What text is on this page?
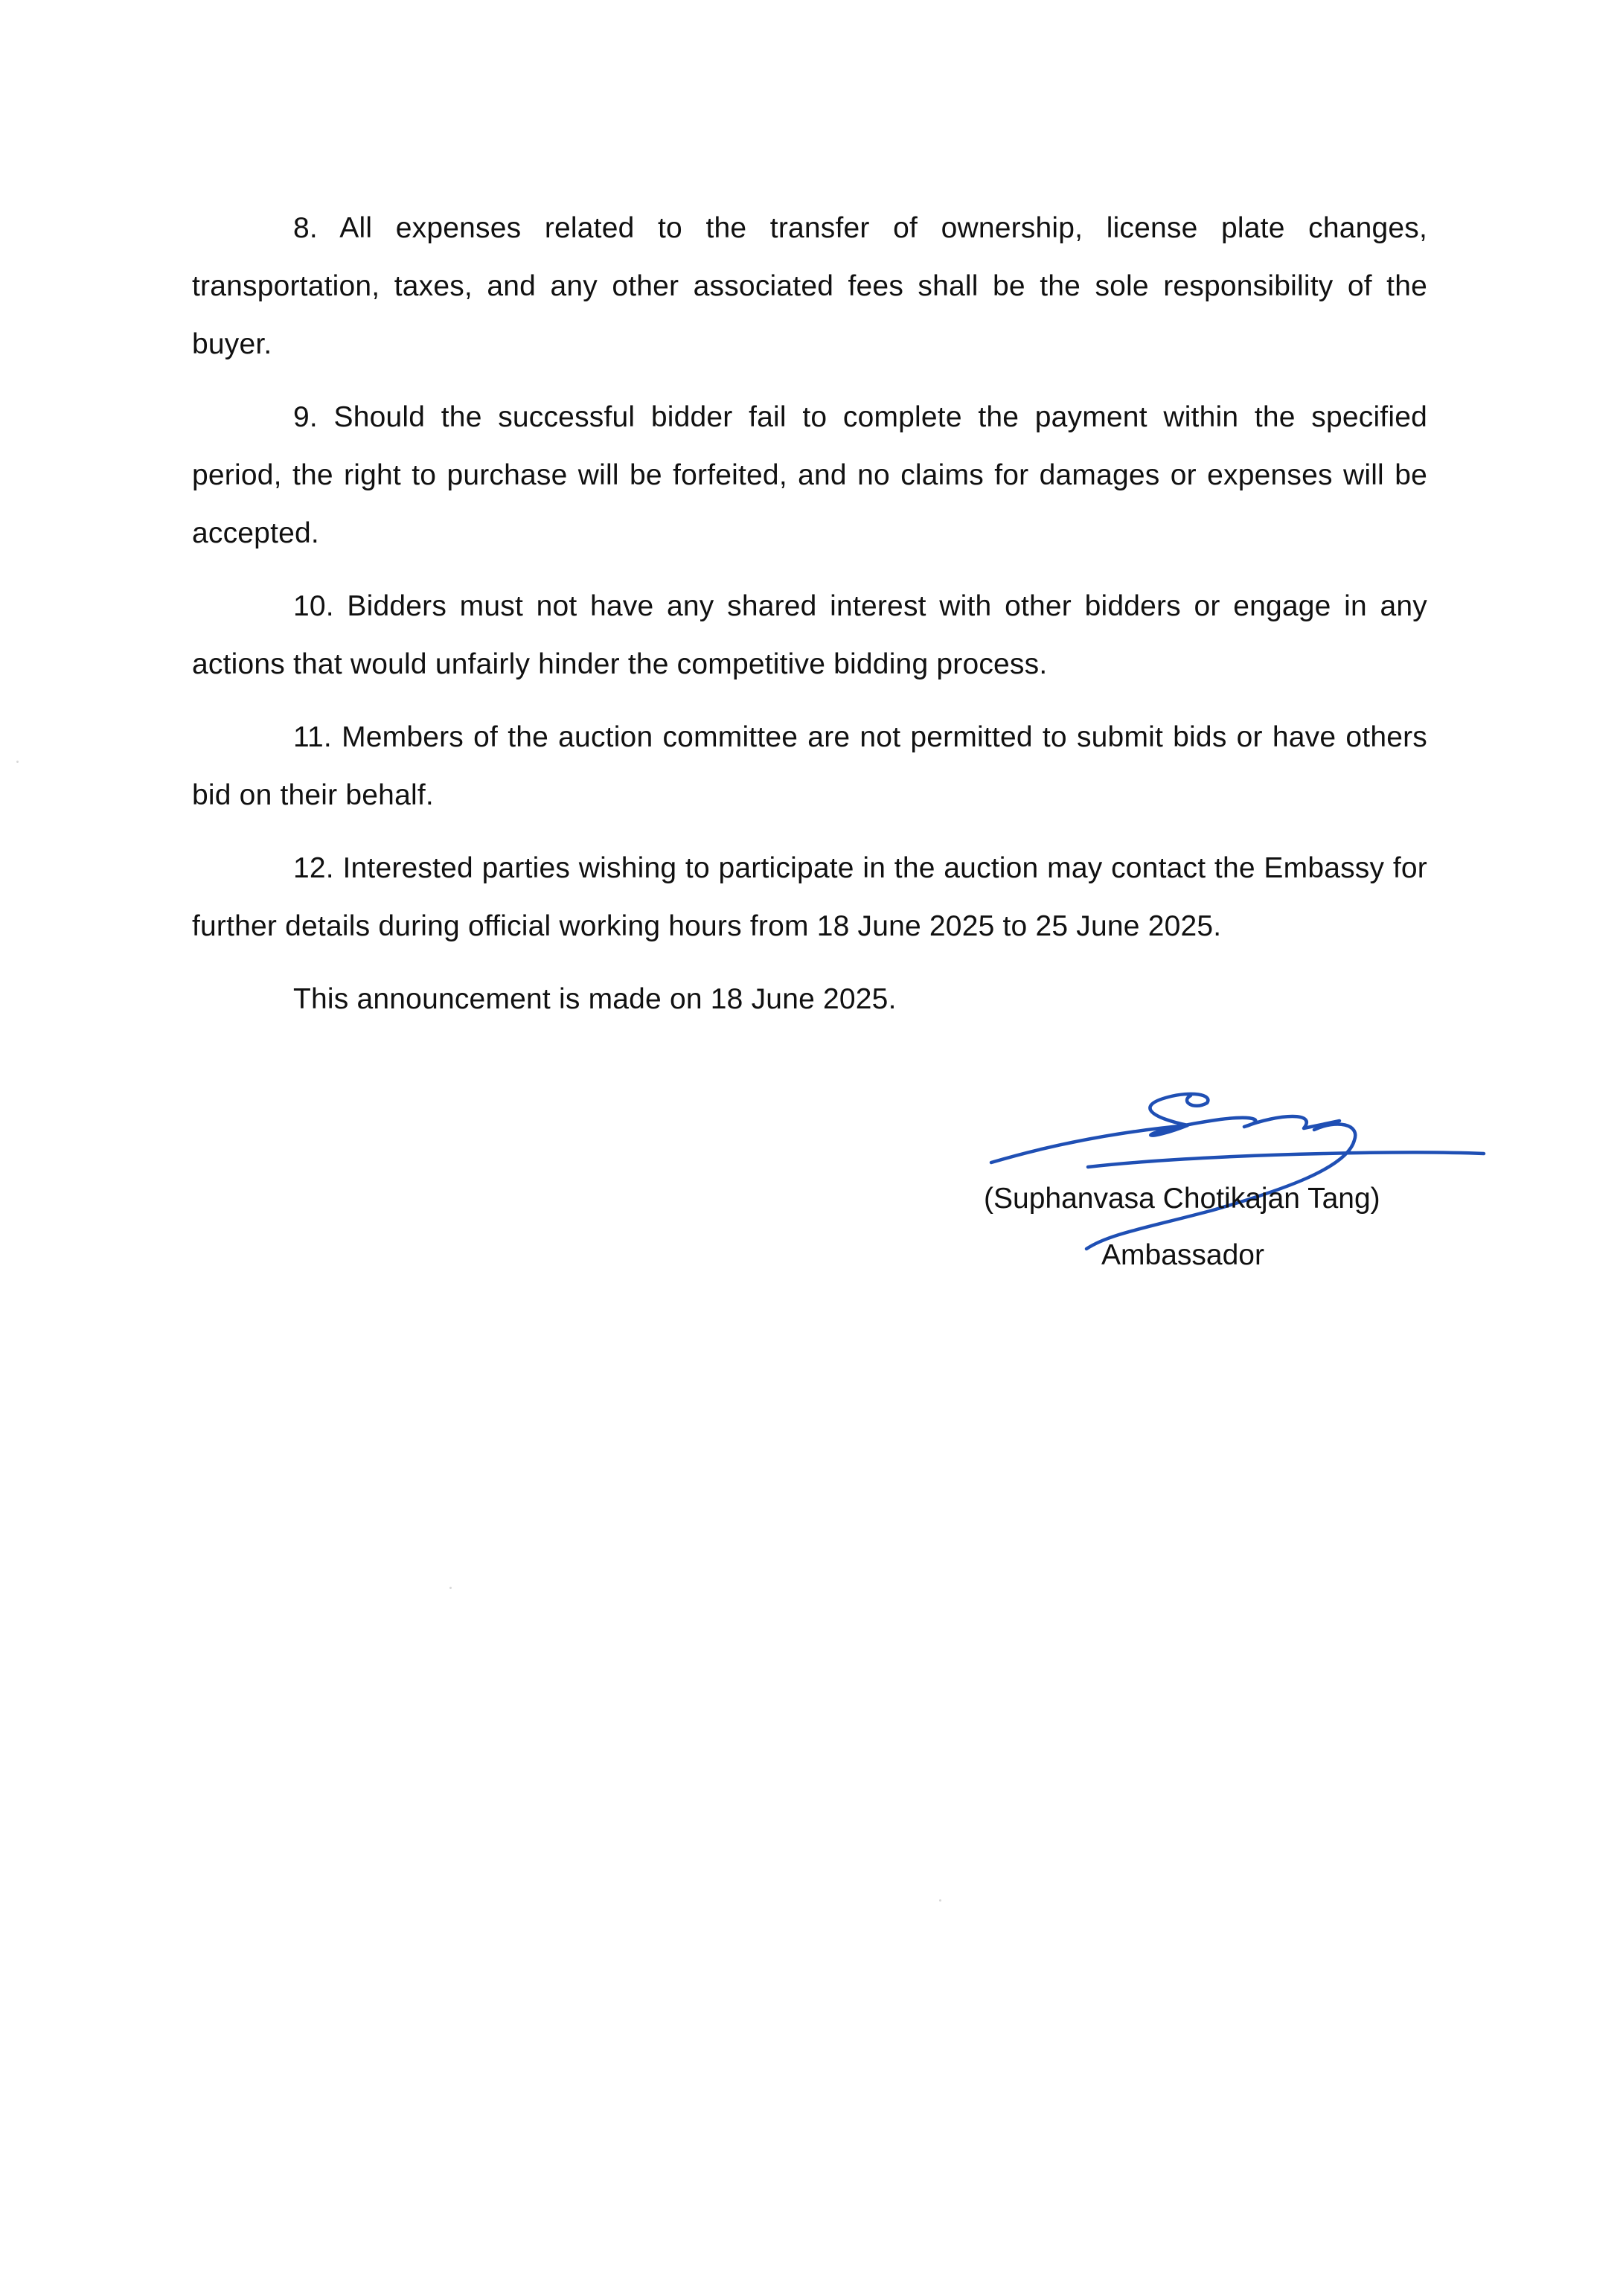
8. All expenses related to the transfer of ownership, license plate changes, transportation, taxes, and any other associated fees shall be the sole responsibility of the buyer.

9. Should the successful bidder fail to complete the payment within the specified period, the right to purchase will be forfeited, and no claims for damages or expenses will be accepted.

10. Bidders must not have any shared interest with other bidders or engage in any actions that would unfairly hinder the competitive bidding process.

11. Members of the auction committee are not permitted to submit bids or have others bid on their behalf.

12. Interested parties wishing to participate in the auction may contact the Embassy for further details during official working hours from 18 June 2025 to 25 June 2025.

This announcement is made on 18 June 2025.

(Suphanvasa Chotikajan Tang)
Ambassador
